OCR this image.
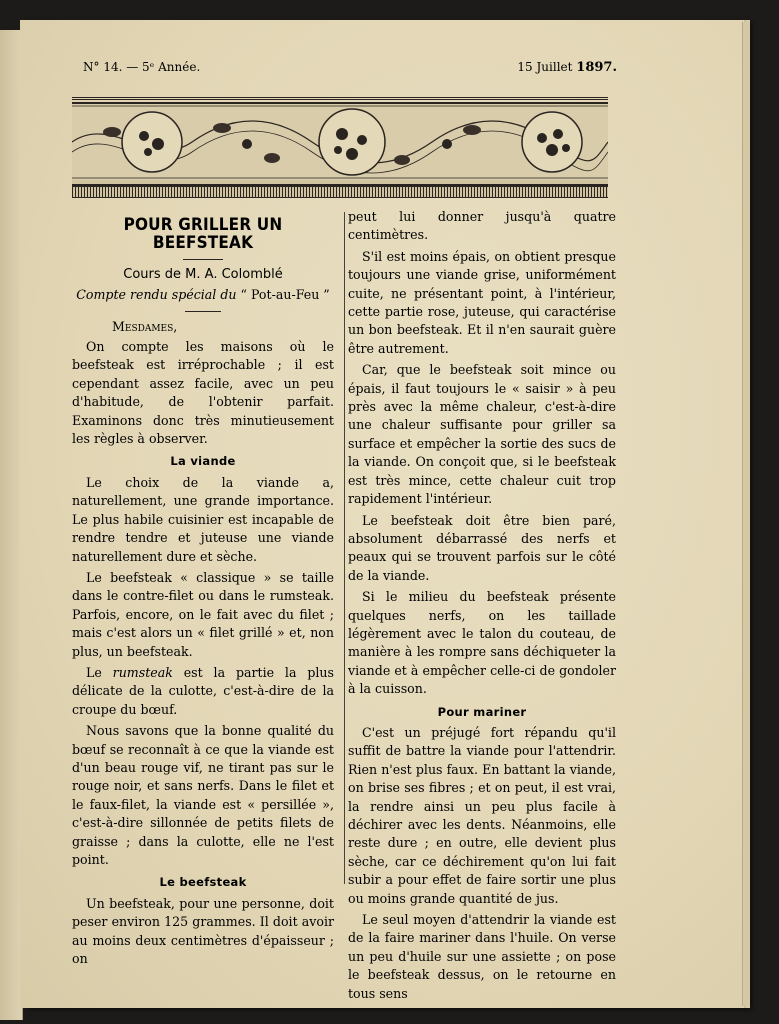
N° 14. — 5ᵉ Année.	15 Juillet 1897.
POUR GRILLER UN BEEFSTEAK
Cours de M. A. Colomblé
Compte rendu spécial du “ Pot-au-Feu ”
Mesdames,

On compte les maisons où le beefsteak est irréprochable ; il est cependant assez facile, avec un peu d'habitude, de l'obtenir parfait. Examinons donc très minutieusement les règles à observer.

La viande

Le choix de la viande a, naturellement, une grande importance. Le plus habile cuisinier est incapable de rendre tendre et juteuse une viande naturellement dure et sèche.

Le beefsteak « classique » se taille dans le contre-filet ou dans le rumsteak. Parfois, encore, on le fait avec du filet ; mais c'est alors un « filet grillé » et, non plus, un beefsteak.

Le rumsteak est la partie la plus délicate de la culotte, c'est-à-dire de la croupe du bœuf.

Nous savons que la bonne qualité du bœuf se reconnaît à ce que la viande est d'un beau rouge vif, ne tirant pas sur le rouge noir, et sans nerfs. Dans le filet et le faux-filet, la viande est « persillée », c'est-à-dire sillonnée de petits filets de graisse ; dans la culotte, elle ne l'est point.

Le beefsteak

Un beefsteak, pour une personne, doit peser environ 125 grammes. Il doit avoir au moins deux centimètres d'épaisseur ; on

peut lui donner jusqu'à quatre centimètres.

S'il est moins épais, on obtient presque toujours une viande grise, uniformément cuite, ne présentant point, à l'intérieur, cette partie rose, juteuse, qui caractérise un bon beefsteak. Et il n'en saurait guère être autrement.

Car, que le beefsteak soit mince ou épais, il faut toujours le « saisir » à peu près avec la même chaleur, c'est-à-dire une chaleur suffisante pour griller sa surface et empêcher la sortie des sucs de la viande. On conçoit que, si le beefsteak est très mince, cette chaleur cuit trop rapidement l'intérieur.

Le beefsteak doit être bien paré, absolument débarrassé des nerfs et peaux qui se trouvent parfois sur le côté de la viande.

Si le milieu du beefsteak présente quelques nerfs, on les taillade légèrement avec le talon du couteau, de manière à les rompre sans déchiqueter la viande et à empêcher celle-ci de gondoler à la cuisson.

Pour mariner

C'est un préjugé fort répandu qu'il suffit de battre la viande pour l'attendrir. Rien n'est plus faux. En battant la viande, on brise ses fibres ; et on peut, il est vrai, la rendre ainsi un peu plus facile à déchirer avec les dents. Néanmoins, elle reste dure ; en outre, elle devient plus sèche, car ce déchirement qu'on lui fait subir a pour effet de faire sortir une plus ou moins grande quantité de jus.

Le seul moyen d'attendrir la viande est de la faire mariner dans l'huile. On verse un peu d'huile sur une assiette ; on pose le beefsteak dessus, on le retourne en tous sens
